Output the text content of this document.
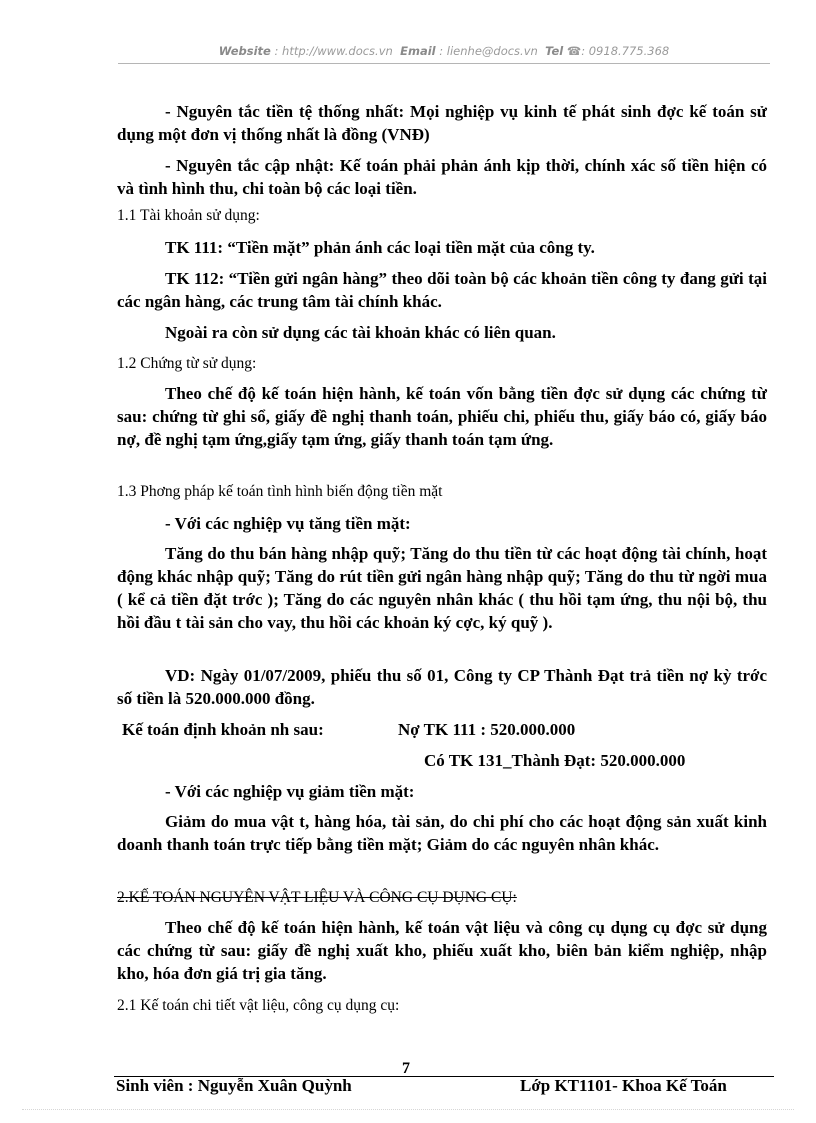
Website : http://www.docs.vn Email : lienhe@docs.vn Tel ☎: 0918.775.368
- Nguyên tắc tiền tệ thống nhất: Mọi nghiệp vụ kinh tế phát sinh đợc kế toán sử dụng một đơn vị thống nhất là đồng (VNĐ)
- Nguyên tắc cập nhật: Kế toán phải phản ánh kịp thời, chính xác số tiền hiện có và tình hình thu, chi toàn bộ các loại tiền.
1.1 Tài khoản sử dụng:
TK 111: “Tiền mặt” phản ánh các loại tiền mặt của công ty.
TK 112: “Tiền gửi ngân hàng” theo dõi toàn bộ các khoản tiền công ty đang gửi tại các ngân hàng, các trung tâm tài chính khác.
Ngoài ra còn sử dụng các tài khoản khác có liên quan.
1.2 Chứng từ sử dụng:
Theo chế độ kế toán hiện hành, kế toán vốn bằng tiền đợc sử dụng các chứng từ sau: chứng từ ghi sổ, giấy đề nghị thanh toán, phiếu chi, phiếu thu, giấy báo có, giấy báo nợ, đề nghị tạm ứng,giấy tạm ứng, giấy thanh toán tạm ứng.
1.3 Phơng pháp kế toán tình hình biến động tiền mặt
- Với các nghiệp vụ tăng tiền mặt:
Tăng do thu bán hàng nhập quỹ; Tăng do thu tiền từ các hoạt động tài chính, hoạt động khác nhập quỹ; Tăng do rút tiền gửi ngân hàng nhập quỹ; Tăng do thu từ ngời mua ( kể cả tiền đặt trớc ); Tăng do các nguyên nhân khác ( thu hồi tạm ứng, thu nội bộ, thu hồi đầu t tài sản cho vay, thu hồi các khoản ký cợc, ký quỹ ).
VD: Ngày 01/07/2009, phiếu thu số 01, Công ty CP Thành Đạt trả tiền nợ kỳ trớc số tiền là 520.000.000 đồng.
Kế toán định khoản nh sau:	Nợ TK 111 : 520.000.000
Có TK 131_Thành Đạt: 520.000.000
- Với các nghiệp vụ giảm tiền mặt:
Giảm do mua vật t, hàng hóa, tài sản, do chi phí cho các hoạt động sản xuất kinh doanh thanh toán trực tiếp bằng tiền mặt; Giảm do các nguyên nhân khác.
2.KẾ TOÁN NGUYÊN VẬT LIỆU VÀ CÔNG CỤ DỤNG CỤ:
Theo chế độ kế toán hiện hành, kế toán vật liệu và công cụ dụng cụ đợc sử dụng các chứng từ sau: giấy đề nghị xuất kho, phiếu xuất kho, biên bản kiểm nghiệp, nhập kho, hóa đơn giá trị gia tăng.
2.1 Kế toán chi tiết vật liệu, công cụ dụng cụ:
7
Sinh viên : Nguyễn Xuân Quỳnh	Lớp KT1101- Khoa Kế Toán
